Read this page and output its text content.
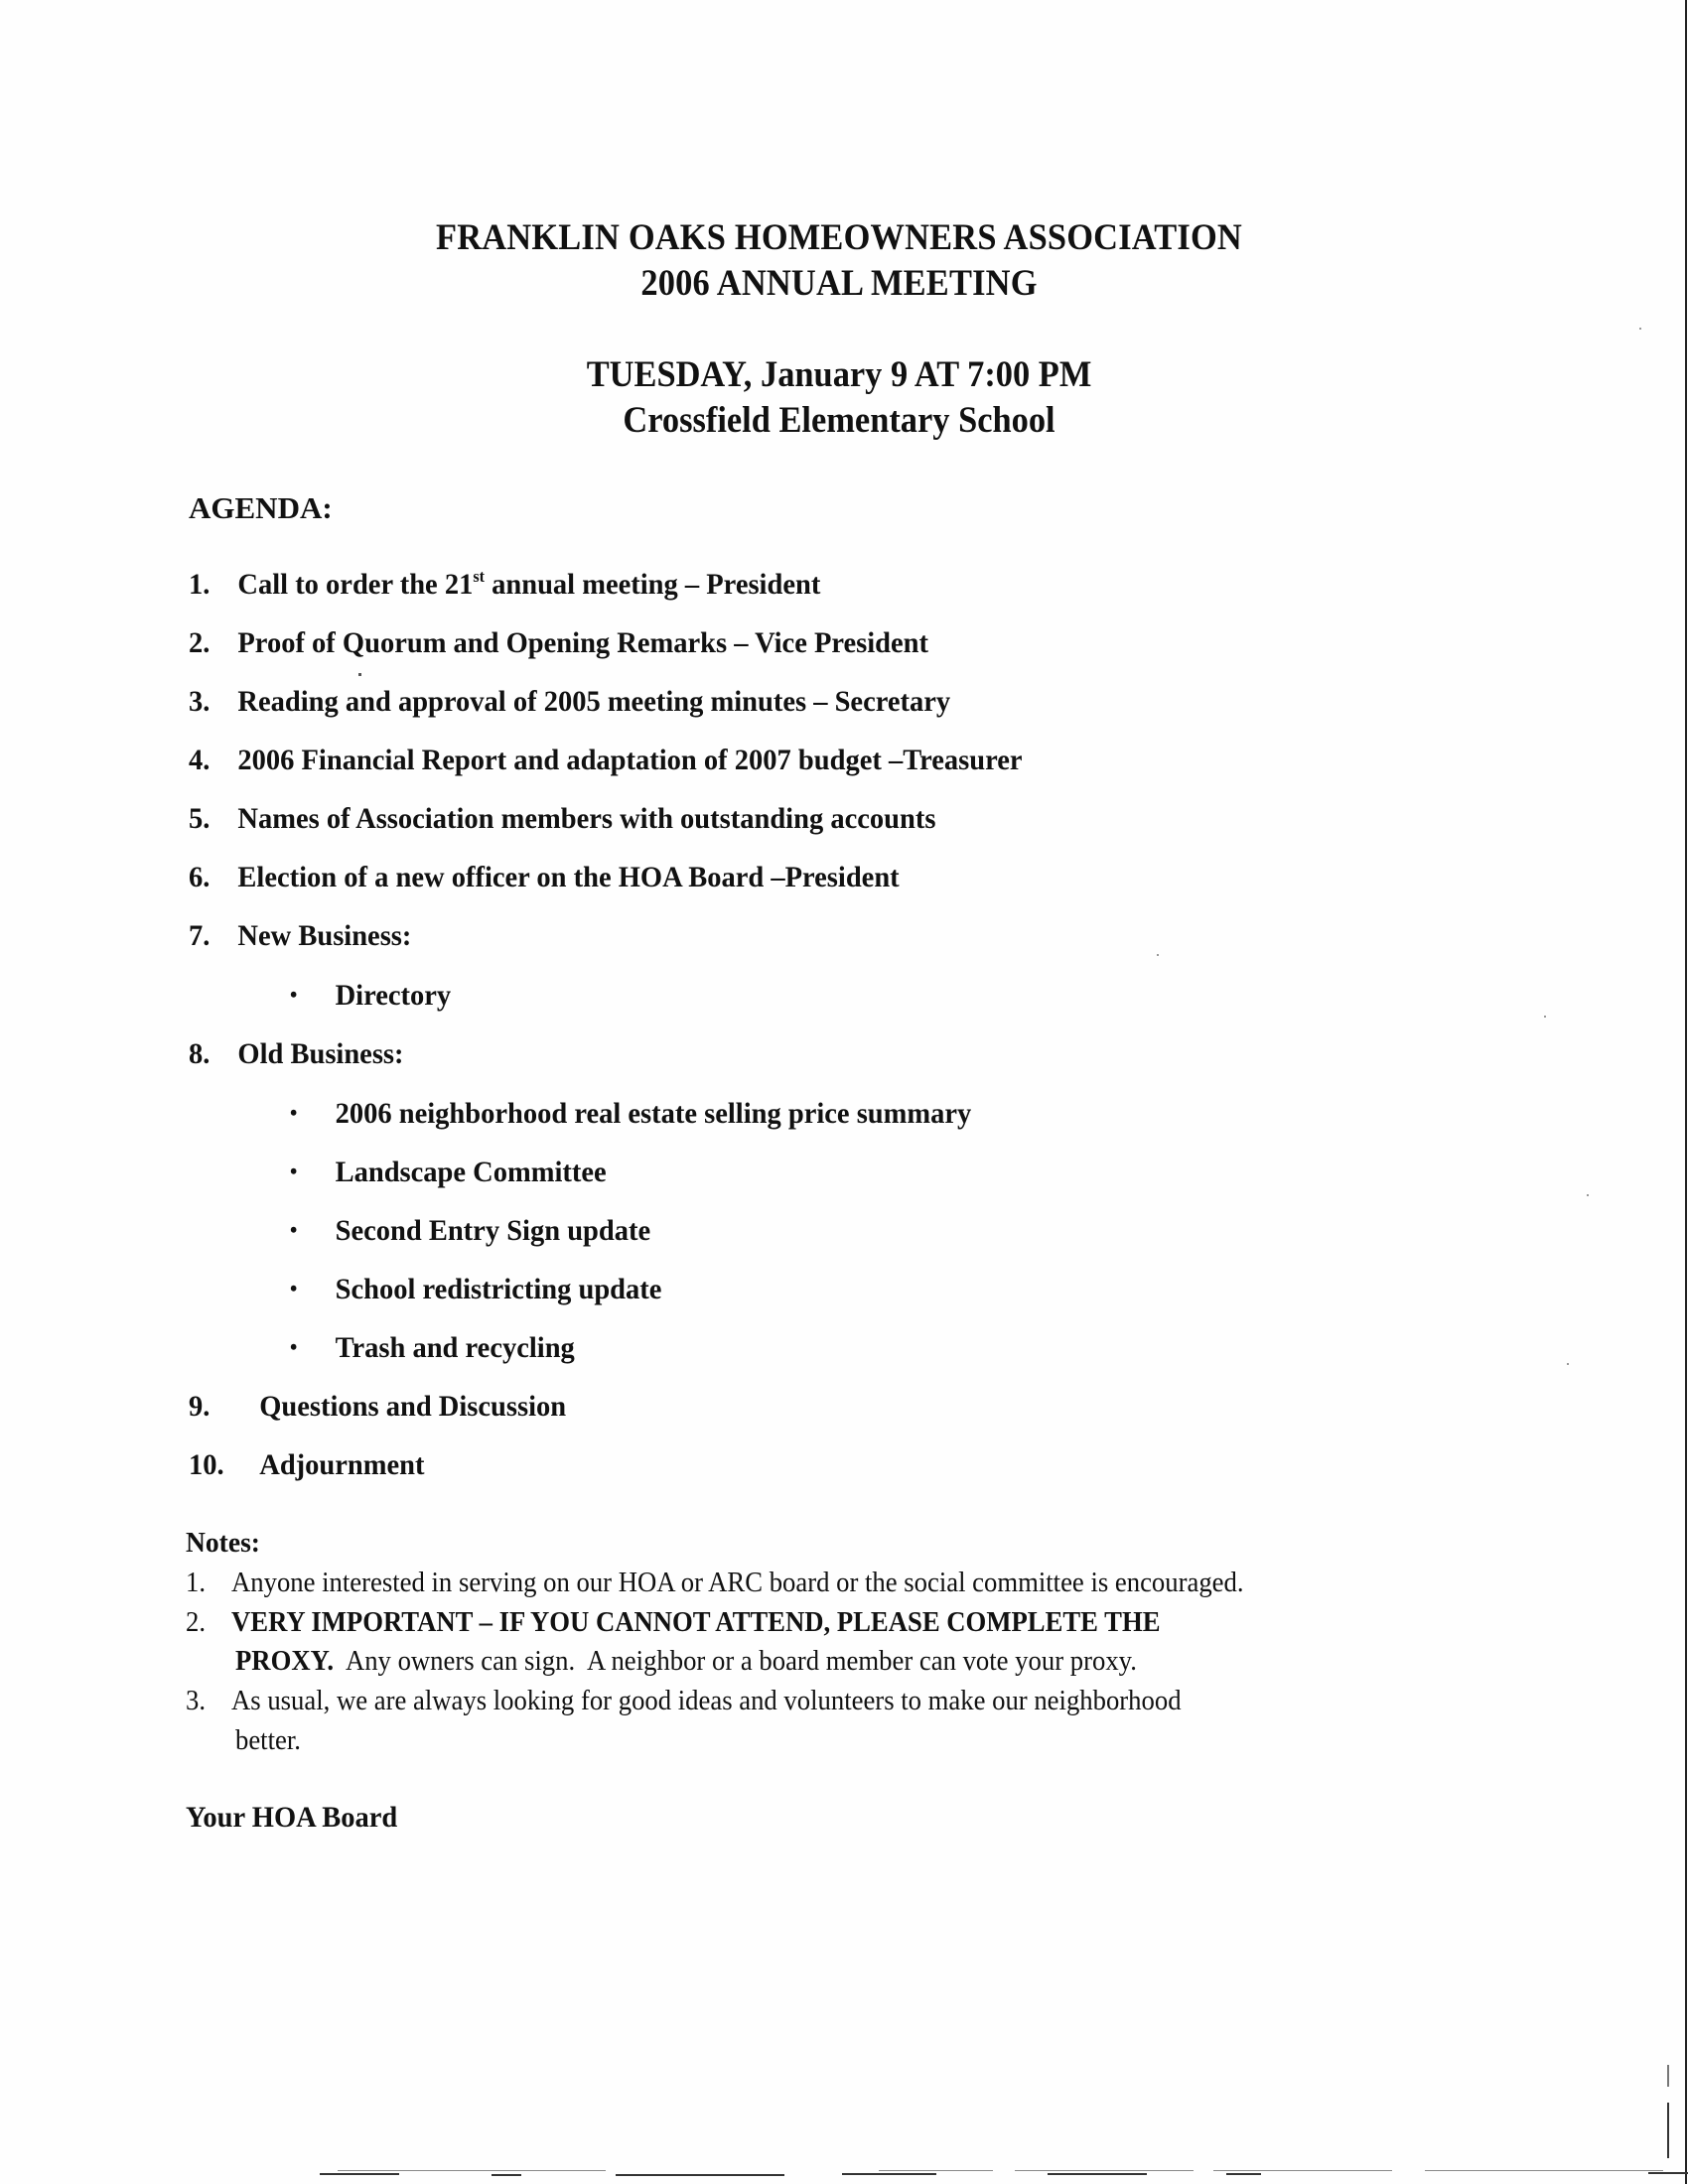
FRANKLIN OAKS HOMEOWNERS ASSOCIATION
2006 ANNUAL MEETING
TUESDAY, January 9 AT 7:00 PM
Crossfield Elementary School
AGENDA:
1. Call to order the 21st annual meeting – President
2. Proof of Quorum and Opening Remarks – Vice President
3. Reading and approval of 2005 meeting minutes – Secretary
4. 2006 Financial Report and adaptation of 2007 budget –Treasurer
5. Names of Association members with outstanding accounts
6. Election of a new officer on the HOA Board –President
7. New Business:
• Directory
8. Old Business:
• 2006 neighborhood real estate selling price summary
• Landscape Committee
• Second Entry Sign update
• School redistricting update
• Trash and recycling
9. Questions and Discussion
10. Adjournment
Notes:
1. Anyone interested in serving on our HOA or ARC board or the social committee is encouraged.
2. VERY IMPORTANT – IF YOU CANNOT ATTEND, PLEASE COMPLETE THE
PROXY.  Any owners can sign.  A neighbor or a board member can vote your proxy.
3. As usual, we are always looking for good ideas and volunteers to make our neighborhood
better.
Your HOA Board
